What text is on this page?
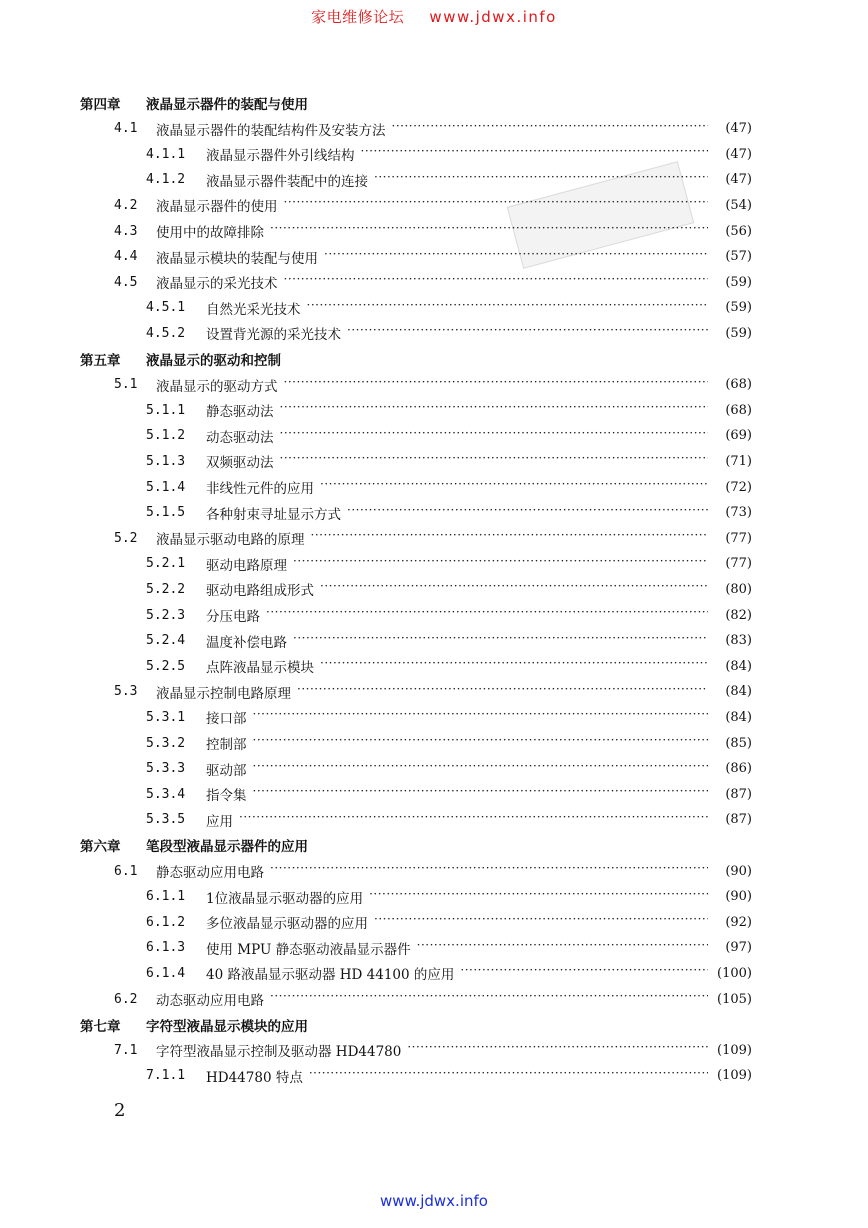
家电维修论坛 www.jdwx.info
第四章	液晶显示器件的装配与使用
4.1	液晶显示器件的装配结构件及安装方法 ·····	(47)
4.1.1	液晶显示器件外引线结构 ·····	(47)
4.1.2	液晶显示器件装配中的连接 ·····	(47)
4.2	液晶显示器件的使用 ·····	(54)
4.3	使用中的故障排除 ·····	(56)
4.4	液晶显示模块的装配与使用 ·····	(57)
4.5	液晶显示的采光技术 ·····	(59)
4.5.1	自然光采光技术 ·····	(59)
4.5.2	设置背光源的采光技术 ·····	(59)
第五章	液晶显示的驱动和控制
5.1	液晶显示的驱动方式 ·····	(68)
5.1.1	静态驱动法 ·····	(68)
5.1.2	动态驱动法 ·····	(69)
5.1.3	双频驱动法 ·····	(71)
5.1.4	非线性元件的应用 ·····	(72)
5.1.5	各种射束寻址显示方式 ·····	(73)
5.2	液晶显示驱动电路的原理 ·····	(77)
5.2.1	驱动电路原理 ·····	(77)
5.2.2	驱动电路组成形式 ·····	(80)
5.2.3	分压电路 ·····	(82)
5.2.4	温度补偿电路 ·····	(83)
5.2.5	点阵液晶显示模块 ·····	(84)
5.3	液晶显示控制电路原理 ·····	(84)
5.3.1	接口部 ·····	(84)
5.3.2	控制部 ·····	(85)
5.3.3	驱动部 ·····	(86)
5.3.4	指令集 ·····	(87)
5.3.5	应用 ·····	(87)
第六章	笔段型液晶显示器件的应用
6.1	静态驱动应用电路 ·····	(90)
6.1.1	1位液晶显示驱动器的应用 ·····	(90)
6.1.2	多位液晶显示驱动器的应用 ·····	(92)
6.1.3	使用 MPU 静态驱动液晶显示器件 ·····	(97)
6.1.4	40 路液晶显示驱动器 HD 44100 的应用 ·····	(100)
6.2	动态驱动应用电路 ·····	(105)
第七章	字符型液晶显示模块的应用
7.1	字符型液晶显示控制及驱动器 HD44780 ·····	(109)
7.1.1	HD44780 特点 ·····	(109)
2
www.jdwx.info
